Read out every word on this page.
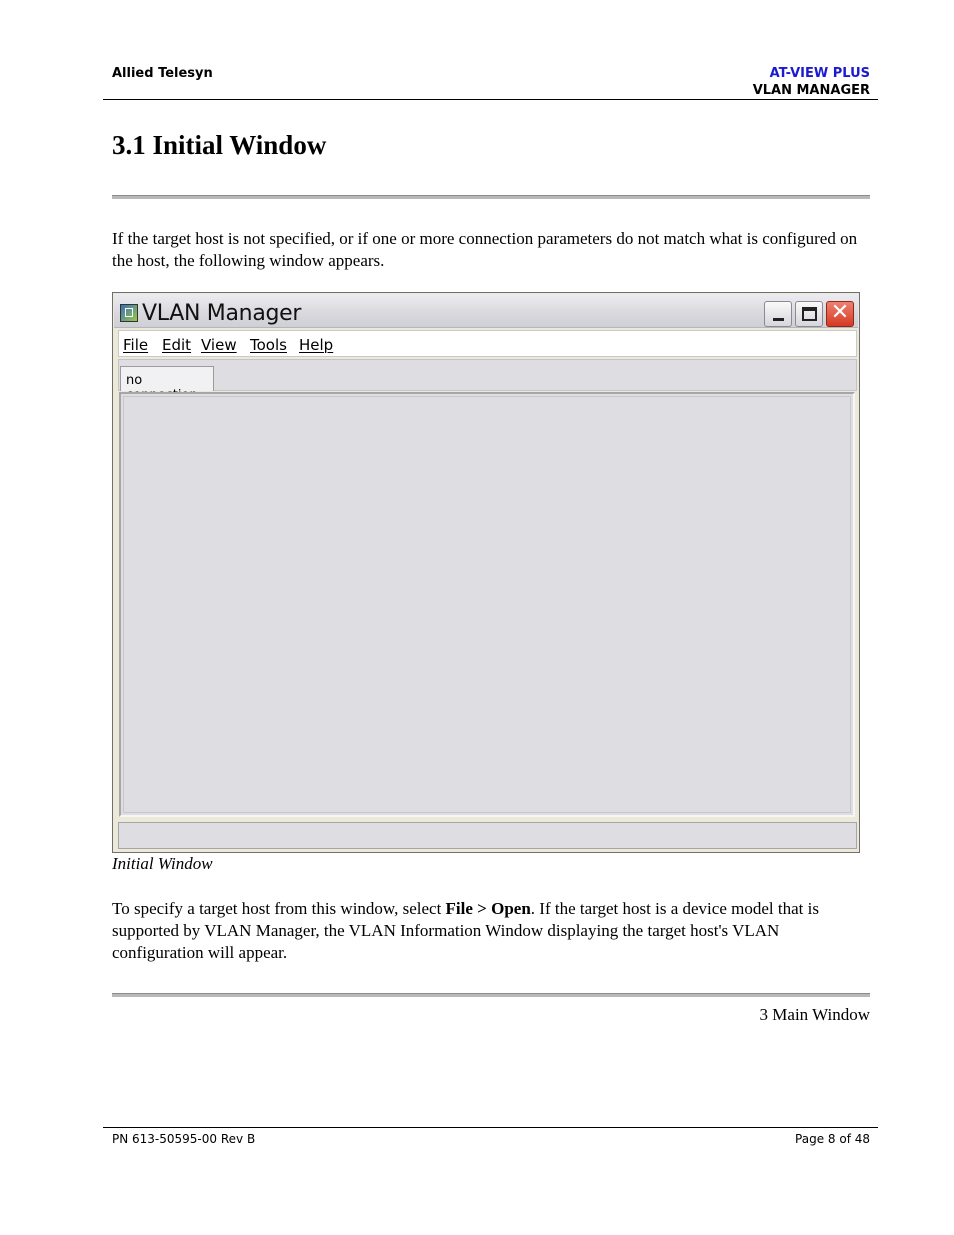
Allied Telesyn	AT-VIEW PLUS
VLAN MANAGER
3.1 Initial Window
If the target host is not specified, or if one or more connection parameters do not match what is configured on the host, the following window appears.
VLAN Manager	✕
File Edit View Tools Help
no
Initial Window
To specify a target host from this window, select File > Open. If the target host is a device model that is supported by VLAN Manager, the VLAN Information Window displaying the target host's VLAN configuration will appear.
3 Main Window
PN 613-50595-00 Rev B	Page 8 of 48
